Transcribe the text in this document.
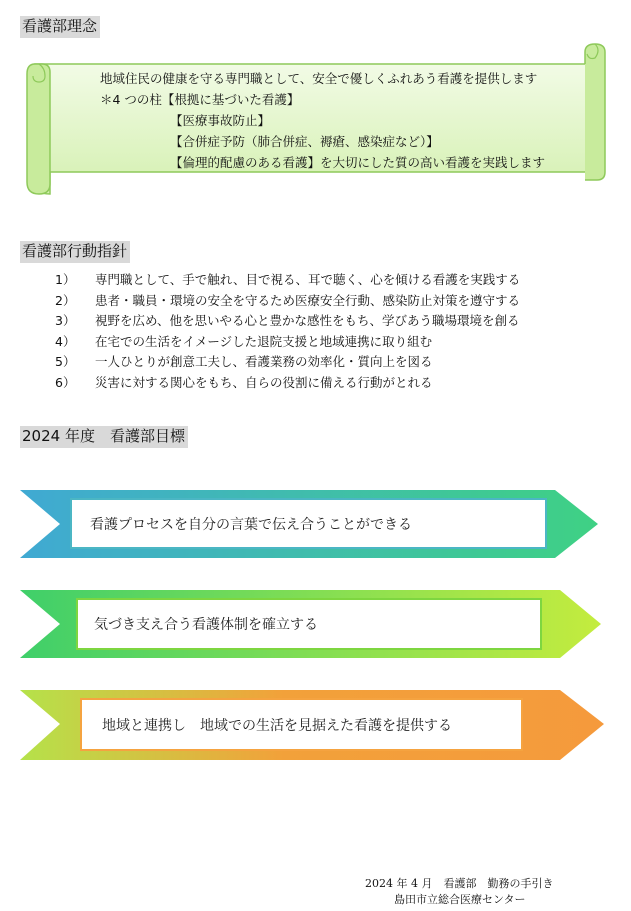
看護部理念
地域住民の健康を守る専門職として、安全で優しくふれあう看護を提供します
＊4 つの柱【根拠に基づいた看護】
【医療事故防止】
【合併症予防（肺合併症、褥瘡、感染症など）】
【倫理的配慮のある看護】を大切にした質の高い看護を実践します
看護部行動指針
1） 専門職として、手で触れ、目で視る、耳で聴く、心を傾ける看護を実践する
2） 患者・職員・環境の安全を守るため医療安全行動、感染防止対策を遵守する
3） 視野を広め、他を思いやる心と豊かな感性をもち、学びあう職場環境を創る
4） 在宅での生活をイメージした退院支援と地域連携に取り組む
5） 一人ひとりが創意工夫し、看護業務の効率化・質向上を図る
6） 災害に対する関心をもち、自らの役割に備える行動がとれる
2024 年度　看護部目標
看護プロセスを自分の言葉で伝え合うことができる
気づき支え合う看護体制を確立する
地域と連携し　地域での生活を見据えた看護を提供する
2024 年 4 月　看護部　勤務の手引き
島田市立総合医療センター
